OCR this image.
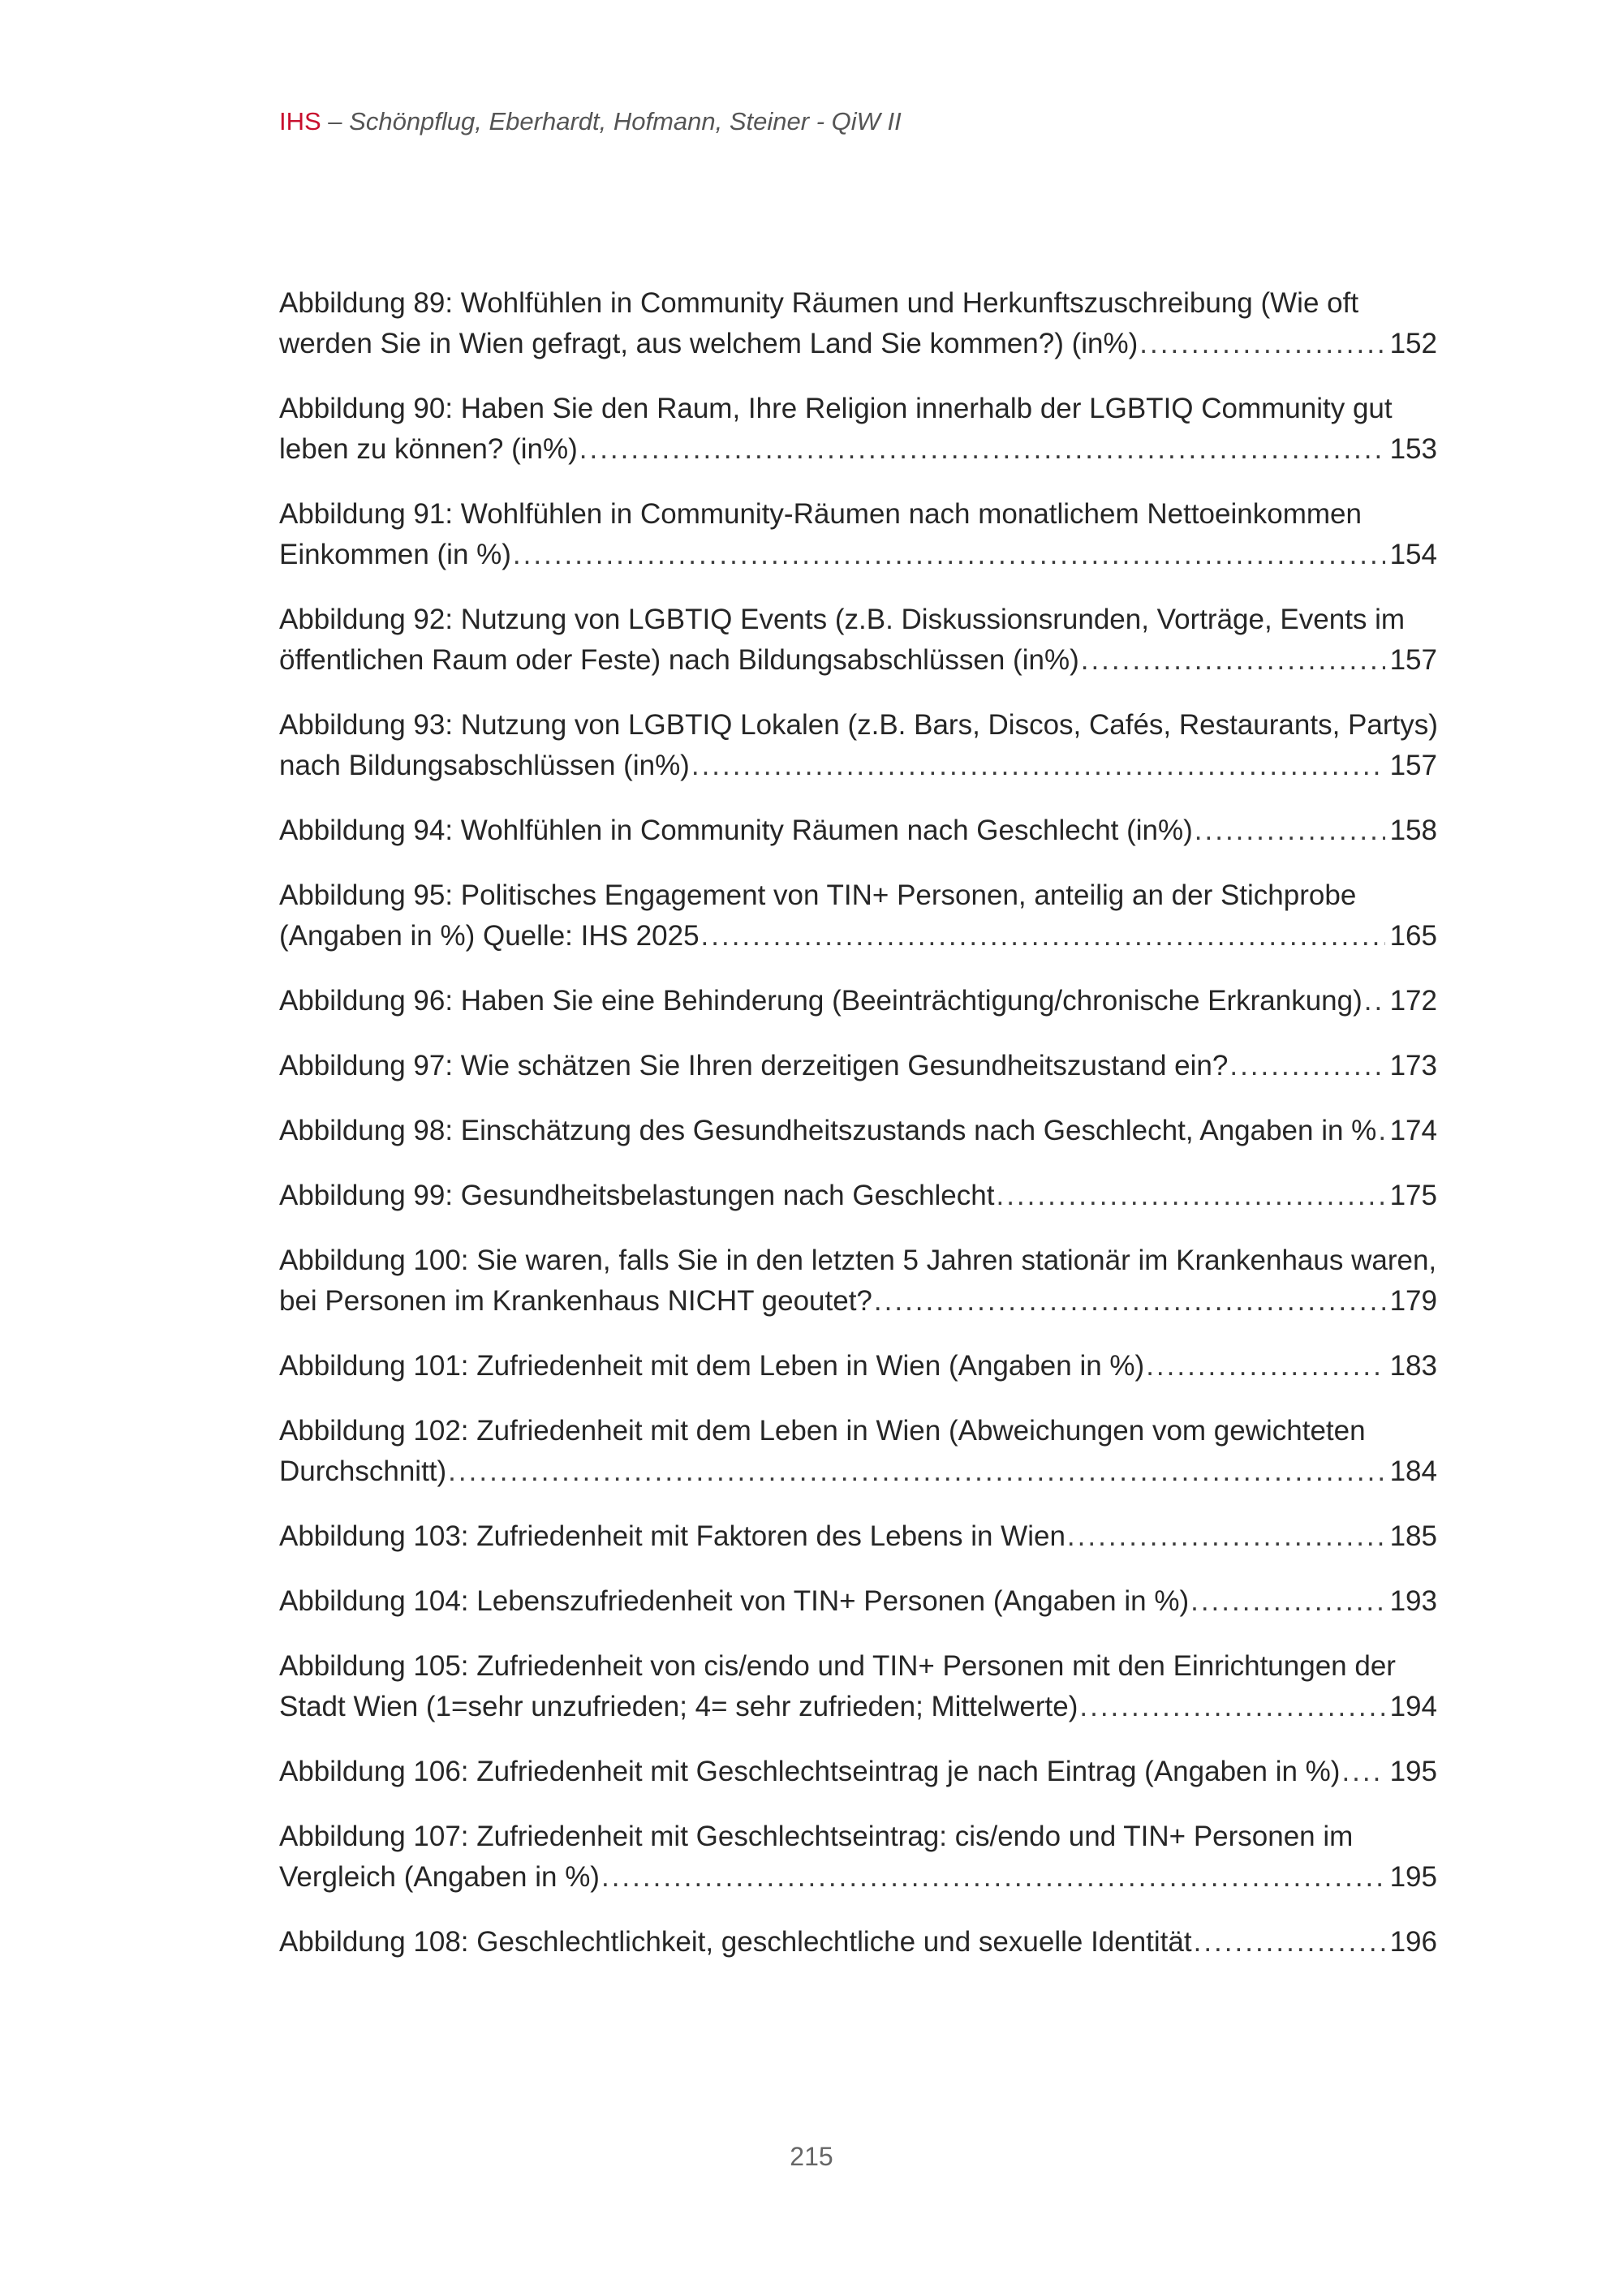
IHS – Schönpflug, Eberhardt, Hofmann, Steiner - QiW II
Abbildung 89: Wohlfühlen in Community Räumen und Herkunftszuschreibung (Wie oft
werden Sie in Wien gefragt, aus welchem Land Sie kommen?) (in%) .....	152
Abbildung 90: Haben Sie den Raum, Ihre Religion innerhalb der LGBTIQ Community gut
leben zu können? (in%) .....	153
Abbildung 91: Wohlfühlen in Community-Räumen nach monatlichem Nettoeinkommen
Einkommen (in %) .....	154
Abbildung 92: Nutzung von LGBTIQ Events (z.B. Diskussionsrunden, Vorträge, Events im
öffentlichen Raum oder Feste) nach Bildungsabschlüssen (in%) .....	157
Abbildung 93: Nutzung von LGBTIQ Lokalen (z.B. Bars, Discos, Cafés, Restaurants, Partys)
nach Bildungsabschlüssen (in%) .....	157
Abbildung 94: Wohlfühlen in Community Räumen nach Geschlecht (in%) .....	158
Abbildung 95: Politisches Engagement von TIN+ Personen, anteilig an der Stichprobe
(Angaben in %) Quelle: IHS 2025 .....	165
Abbildung 96: Haben Sie eine Behinderung (Beeinträchtigung/chronische Erkrankung) ..... 172
Abbildung 97: Wie schätzen Sie Ihren derzeitigen Gesundheitszustand ein? .....	173
Abbildung 98: Einschätzung des Gesundheitszustands nach Geschlecht, Angaben in % ..... 174
Abbildung 99: Gesundheitsbelastungen nach Geschlecht .....	175
Abbildung 100: Sie waren, falls Sie in den letzten 5 Jahren stationär im Krankenhaus waren,
bei Personen im Krankenhaus NICHT geoutet? .....	179
Abbildung 101: Zufriedenheit mit dem Leben in Wien (Angaben in %) .....	183
Abbildung 102: Zufriedenheit mit dem Leben in Wien (Abweichungen vom gewichteten
Durchschnitt) .....	184
Abbildung 103: Zufriedenheit mit Faktoren des Lebens in Wien .....	185
Abbildung 104: Lebenszufriedenheit von TIN+ Personen (Angaben in %) .....	193
Abbildung 105: Zufriedenheit von cis/endo und TIN+ Personen mit den Einrichtungen der
Stadt Wien (1=sehr unzufrieden; 4= sehr zufrieden; Mittelwerte) .....	194
Abbildung 106: Zufriedenheit mit Geschlechtseintrag je nach Eintrag (Angaben in %) ..... 195
Abbildung 107: Zufriedenheit mit Geschlechtseintrag: cis/endo und TIN+ Personen im
Vergleich (Angaben in %) .....	195
Abbildung 108: Geschlechtlichkeit, geschlechtliche und sexuelle Identität .....	196
215
